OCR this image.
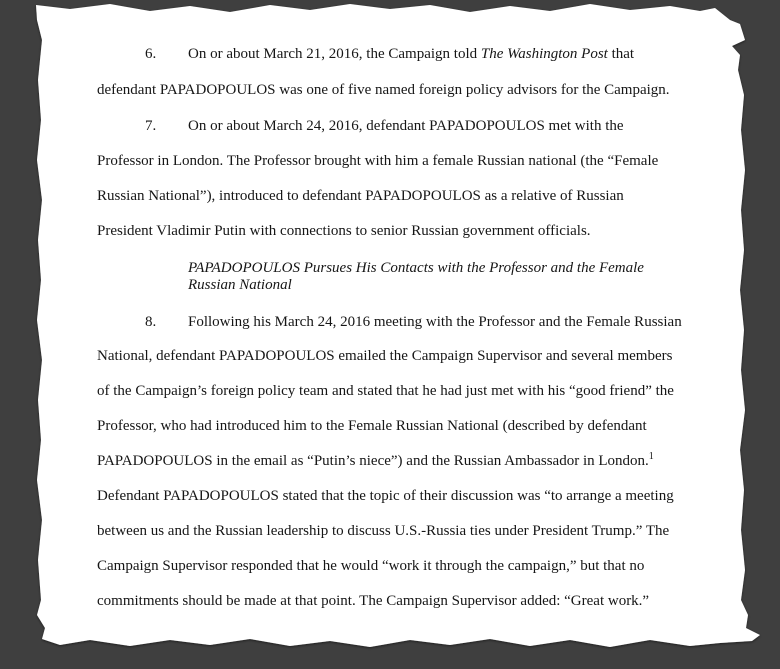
6. On or about March 21, 2016, the Campaign told The Washington Post that
defendant PAPADOPOULOS was one of five named foreign policy advisors for the Campaign.
7. On or about March 24, 2016, defendant PAPADOPOULOS met with the
Professor in London. The Professor brought with him a female Russian national (the “Female
Russian National”), introduced to defendant PAPADOPOULOS as a relative of Russian
President Vladimir Putin with connections to senior Russian government officials.
PAPADOPOULOS Pursues His Contacts with the Professor and the Female
Russian National
8. Following his March 24, 2016 meeting with the Professor and the Female Russian
National, defendant PAPADOPOULOS emailed the Campaign Supervisor and several members
of the Campaign’s foreign policy team and stated that he had just met with his “good friend” the
Professor, who had introduced him to the Female Russian National (described by defendant
PAPADOPOULOS in the email as “Putin’s niece”) and the Russian Ambassador in London.$^1$
Defendant PAPADOPOULOS stated that the topic of their discussion was “to arrange a meeting
between us and the Russian leadership to discuss U.S.-Russia ties under President Trump.” The
Campaign Supervisor responded that he would “work it through the campaign,” but that no
commitments should be made at that point. The Campaign Supervisor added: “Great work.”
